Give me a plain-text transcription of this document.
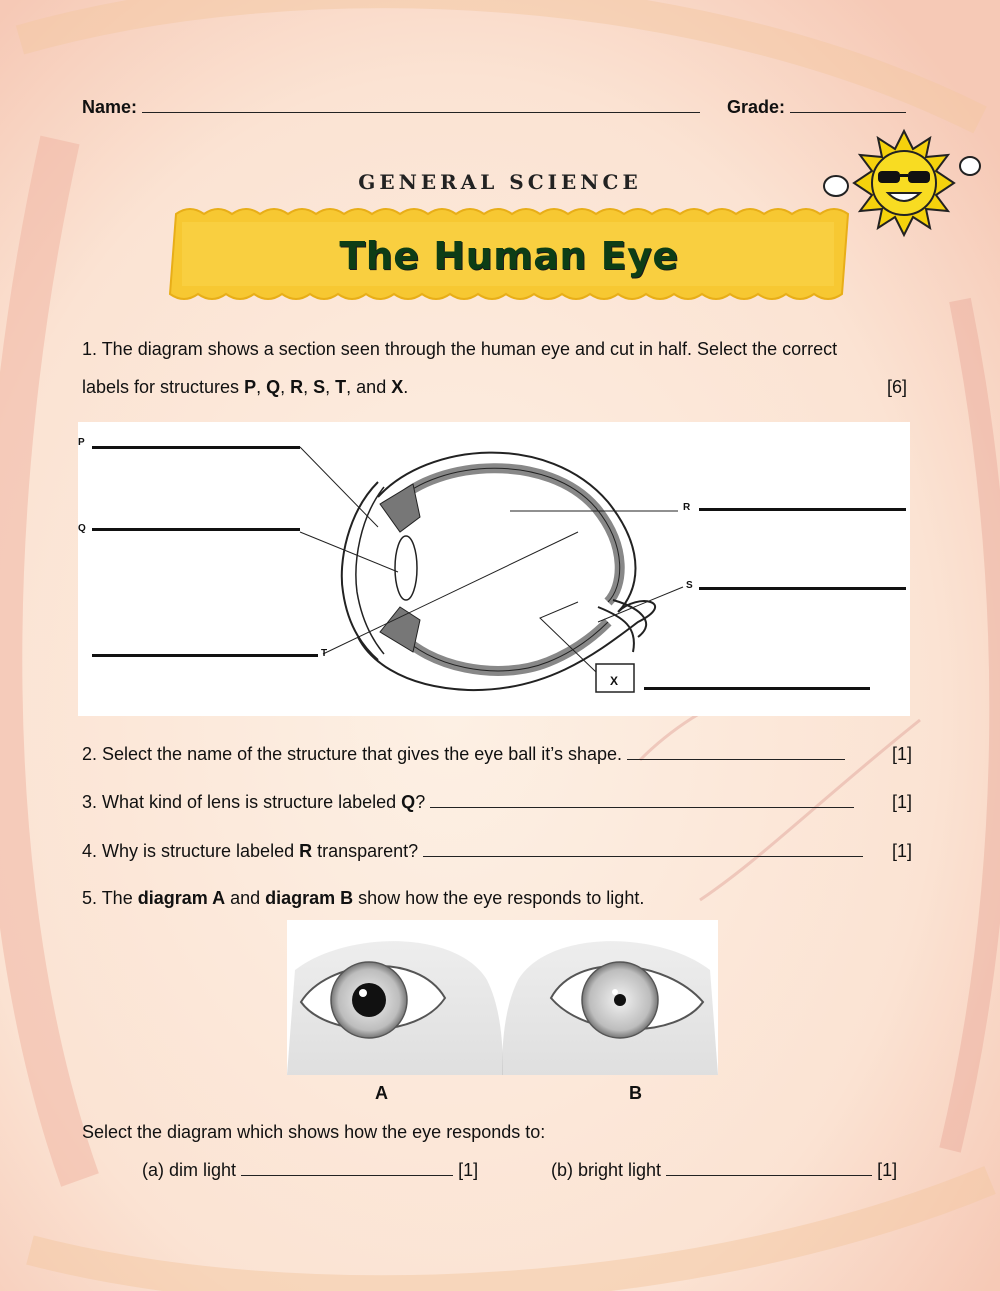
Name:	Grade:
GENERAL SCIENCE
The Human Eye
1. The diagram shows a section seen through the human eye and cut in half. Select the correct
labels for structures P, Q, R, S, T, and X.	[6]
P
Q
T
R
S
X
2. Select the name of the structure that gives the eye ball it’s shape.	[1]
3. What kind of lens is structure labeled Q?	[1]
4. Why is structure labeled R transparent?	[1]
5. The diagram A and diagram B show how the eye responds to light.
A	B
Select the diagram which shows how the eye responds to:
(a) dim light	[1]	(b) bright light	[1]
